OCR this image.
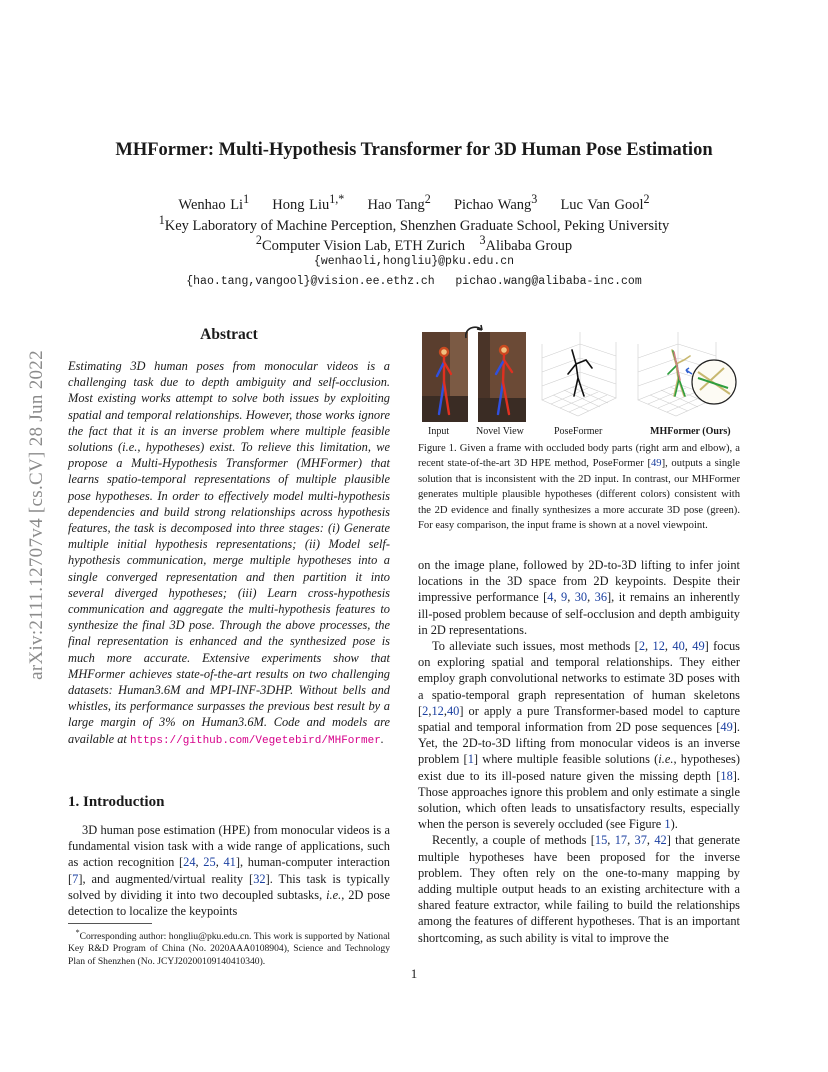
arXiv:2111.12707v4 [cs.CV] 28 Jun 2022
MHFormer: Multi-Hypothesis Transformer for 3D Human Pose Estimation
Wenhao Li$^1$ Hong Liu$^{1,*}$ Hao Tang$^2$ Pichao Wang$^3$ Luc Van Gool$^2$
$^1$Key Laboratory of Machine Perception, Shenzhen Graduate School, Peking University
$^2$Computer Vision Lab, ETH Zurich $^3$Alibaba Group
{wenhaoli,hongliu}@pku.edu.cn
{hao.tang,vangool}@vision.ee.ethz.ch pichao.wang@alibaba-inc.com
Abstract
Estimating 3D human poses from monocular videos is a challenging task due to depth ambiguity and self-occlusion. Most existing works attempt to solve both issues by exploiting spatial and temporal relationships. However, those works ignore the fact that it is an inverse problem where multiple feasible solutions (i.e., hypotheses) exist. To relieve this limitation, we propose a Multi-Hypothesis Transformer (MHFormer) that learns spatio-temporal representations of multiple plausible pose hypotheses. In order to effectively model multi-hypothesis dependencies and build strong relationships across hypothesis features, the task is decomposed into three stages: (i) Generate multiple initial hypothesis representations; (ii) Model self-hypothesis communication, merge multiple hypotheses into a single converged representation and then partition it into several diverged hypotheses; (iii) Learn cross-hypothesis communication and aggregate the multi-hypothesis features to synthesize the final 3D pose. Through the above processes, the final representation is enhanced and the synthesized pose is much more accurate. Extensive experiments show that MHFormer achieves state-of-the-art results on two challenging datasets: Human3.6M and MPI-INF-3DHP. Without bells and whistles, its performance surpasses the previous best result by a large margin of 3% on Human3.6M. Code and models are available at https://github.com/Vegetebird/MHFormer.
1. Introduction

3D human pose estimation (HPE) from monocular videos is a fundamental vision task with a wide range of applications, such as action recognition [24, 25, 41], human-computer interaction [7], and augmented/virtual reality [32]. This task is typically solved by dividing it into two decoupled subtasks, i.e., 2D pose detection to localize the keypoints

*Corresponding author: hongliu@pku.edu.cn. This work is supported by National Key R&D Program of China (No. 2020AAA0108904), Science and Technology Plan of Shenzhen (No. JCYJ20200109140410340).
Input	Novel View	PoseFormer	MHFormer (Ours)
Figure 1. Given a frame with occluded body parts (right arm and elbow), a recent state-of-the-art 3D HPE method, PoseFormer [49], outputs a single solution that is inconsistent with the 2D input. In contrast, our MHFormer generates multiple plausible hypotheses (different colors) consistent with the 2D evidence and finally synthesizes a more accurate 3D pose (green). For easy comparison, the input frame is shown at a novel viewpoint.

on the image plane, followed by 2D-to-3D lifting to infer joint locations in the 3D space from 2D keypoints. Despite their impressive performance [4, 9, 30, 36], it remains an inherently ill-posed problem because of self-occlusion and depth ambiguity in 2D representations.

To alleviate such issues, most methods [2, 12, 40, 49] focus on exploring spatial and temporal relationships. They either employ graph convolutional networks to estimate 3D poses with a spatio-temporal graph representation of human skeletons [2,12,40] or apply a pure Transformer-based model to capture spatial and temporal information from 2D pose sequences [49]. Yet, the 2D-to-3D lifting from monocular videos is an inverse problem [1] where multiple feasible solutions (i.e., hypotheses) exist due to its ill-posed nature given the missing depth [18]. Those approaches ignore this problem and only estimate a single solution, which often leads to unsatisfactory results, especially when the person is severely occluded (see Figure 1).

Recently, a couple of methods [15, 17, 37, 42] that generate multiple hypotheses have been proposed for the inverse problem. They often rely on the one-to-many mapping by adding multiple output heads to an existing architecture with a shared feature extractor, while failing to build the relationships among the features of different hypotheses. That is an important shortcoming, as such ability is vital to improve the

1
